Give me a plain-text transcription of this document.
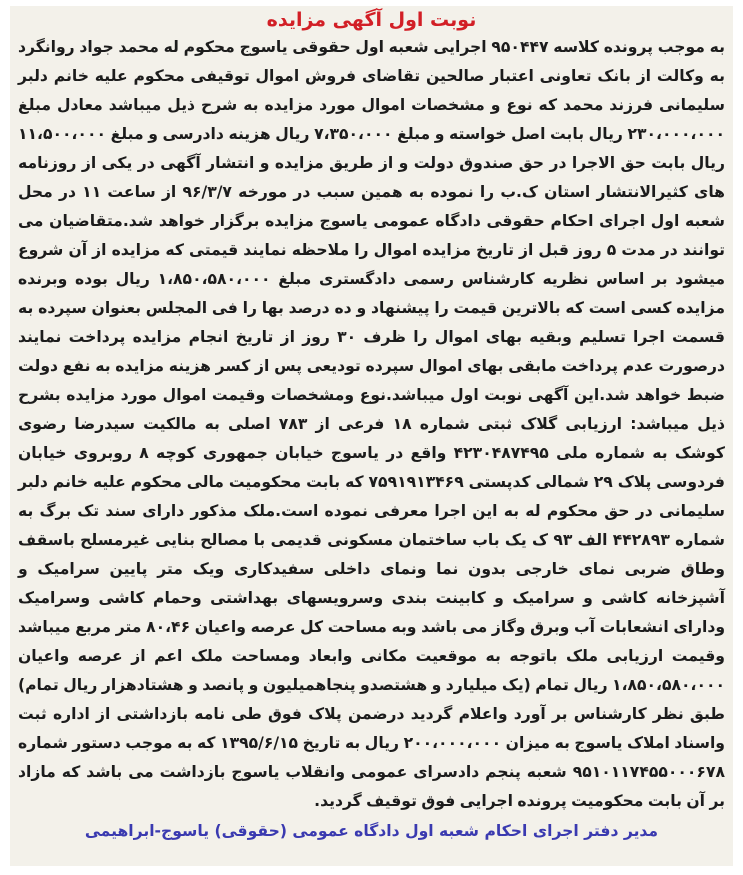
نوبت اول آگهی مزایده

به موجب پرونده کلاسه ۹۵۰۴۴۷ اجرایی شعبه اول حقوقی یاسوج محکوم له محمد جواد روانگرد به وکالت از بانک تعاونی اعتبار صالحین تقاضای فروش اموال توقیفی محکوم علیه خانم دلبر سلیمانی فرزند محمد که نوع و مشخصات اموال مورد مزایده به شرح ذیل میباشد معادل مبلغ ۲۳۰،۰۰۰،۰۰۰ ریال بابت اصل خواسته و مبلغ ۷،۳۵۰،۰۰۰ ریال هزینه دادرسی و مبلغ ۱۱،۵۰۰،۰۰۰ ریال بابت حق الاجرا در حق صندوق دولت و از طریق مزایده و انتشار آگهی در یکی از روزنامه های کثیرالانتشار استان ک.ب را نموده به همین سبب در مورخه ۹۶/۳/۷ از ساعت ۱۱ در محل شعبه اول اجرای احکام حقوقی دادگاه عمومی یاسوج مزایده برگزار خواهد شد.متقاضیان می توانند در مدت ۵ روز قبل از تاریخ مزایده اموال را ملاحظه نمایند قیمتی که مزایده از آن شروع میشود بر اساس نظریه کارشناس رسمی دادگستری مبلغ ۱،۸۵۰،۵۸۰،۰۰۰ ریال بوده وبرنده مزایده کسی است که بالاترین قیمت را پیشنهاد و ده درصد بها را فی المجلس بعنوان سپرده به قسمت اجرا تسلیم وبقیه بهای اموال را ظرف ۳۰ روز از تاریخ انجام مزایده پرداخت نمایند درصورت عدم پرداخت مابقی بهای اموال سپرده تودیعی پس از کسر هزینه مزایده به نفع دولت ضبط خواهد شد.این آگهی نوبت اول میباشد.نوع ومشخصات وقیمت اموال مورد مزایده بشرح ذیل میباشد: ارزیابی گلاک ثبتی شماره ۱۸ فرعی از ۷۸۳ اصلی به مالکیت سیدرضا رضوی کوشک به شماره ملی ۴۲۳۰۴۸۷۴۹۵ واقع در یاسوج خیابان جمهوری کوچه ۸ روبروی خیابان فردوسی پلاک ۲۹ شمالی کدپستی ۷۵۹۱۹۱۳۴۶۹ که بابت محکومیت مالی محکوم علیه خانم دلبر سلیمانی در حق محکوم له به این اجرا معرفی نموده است.ملک مذکور دارای سند تک برگ به شماره ۴۴۲۸۹۳ الف ۹۳ ک یک باب ساختمان مسکونی قدیمی با مصالح بنایی غیرمسلح باسقف وطاق ضربی نمای خارجی بدون نما ونمای داخلی سفیدکاری ویک متر پایین سرامیک و آشپزخانه کاشی و سرامیک و کابینت بندی وسرویسهای بهداشتی وحمام کاشی وسرامیک ودارای انشعابات آب وبرق وگاز می باشد وبه مساحت کل عرصه واعیان ۸۰،۴۶ متر مربع میباشد وقیمت ارزیابی ملک باتوجه به موقعیت مکانی وابعاد ومساحت ملک اعم از عرصه واعیان ۱،۸۵۰،۵۸۰،۰۰۰ ریال تمام (یک میلیارد و هشتصدو پنجاهمیلیون و پانصد و هشتادهزار ریال تمام) طبق نظر کارشناس بر آورد واعلام گردید درضمن پلاک فوق طی نامه بازداشتی از اداره ثبت واسناد املاک یاسوج به میزان ۲۰۰،۰۰۰،۰۰۰ ریال به تاریخ ۱۳۹۵/۶/۱۵ که به موجب دستور شماره ۹۵۱۰۱۱۷۴۵۵۰۰۰۶۷۸ شعبه پنجم دادسرای عمومی وانقلاب یاسوج بازداشت می باشد که مازاد بر آن بابت محکومیت پرونده اجرایی فوق توقیف گردید.

مدیر دفتر اجرای احکام شعبه اول دادگاه عمومی (حقوقی) یاسوج-ابراهیمی
